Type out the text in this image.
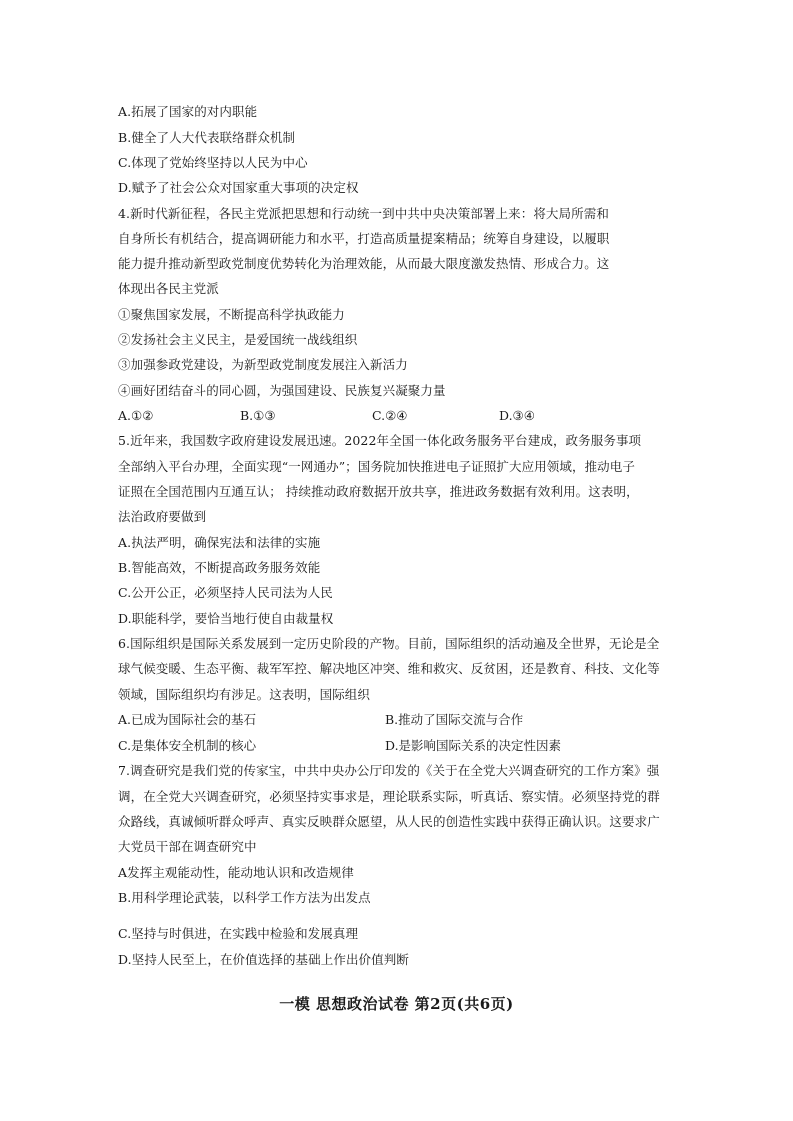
A.拓展了国家的对内职能
B.健全了人大代表联络群众机制
C.体现了党始终坚持以人民为中心
D.赋予了社会公众对国家重大事项的决定权
4.新时代新征程，各民主党派把思想和行动统一到中共中央决策部署上来：将大局所需和
自身所长有机结合，提高调研能力和水平，打造高质量提案精品；统筹自身建设，以履职
能力提升推动新型政党制度优势转化为治理效能，从而最大限度激发热情、形成合力。这
体现出各民主党派
①聚焦国家发展，不断提高科学执政能力
②发扬社会主义民主，是爱国统一战线组织
③加强参政党建设，为新型政党制度发展注入新活力
④画好团结奋斗的同心圆，为强国建设、民族复兴凝聚力量
A.①②	B.①③	C.②④	D.③④
5.近年来，我国数字政府建设发展迅速。2022年全国一体化政务服务平台建成，政务服务事项
全部纳入平台办理，全面实现“一网通办”；国务院加快推进电子证照扩大应用领域，推动电子
证照在全国范围内互通互认； 持续推动政府数据开放共享，推进政务数据有效利用。这表明，
法治政府要做到
A.执法严明，确保宪法和法律的实施
B.智能高效，不断提高政务服务效能
C.公开公正，必须坚持人民司法为人民
D.职能科学，要恰当地行使自由裁量权
6.国际组织是国际关系发展到一定历史阶段的产物。目前，国际组织的活动遍及全世界，无论是全
球气候变暖、生态平衡、裁军军控、解决地区冲突、维和救灾、反贫困，还是教育、科技、文化等
领域，国际组织均有涉足。这表明，国际组织
A.已成为国际社会的基石	B.推动了国际交流与合作
C.是集体安全机制的核心	D.是影响国际关系的决定性因素
7.调查研究是我们党的传家宝，中共中央办公厅印发的《关于在全党大兴调查研究的工作方案》强
调，在全党大兴调查研究，必须坚持实事求是，理论联系实际，听真话、察实情。必须坚持党的群
众路线，真诚倾听群众呼声、真实反映群众愿望，从人民的创造性实践中获得正确认识。这要求广
大党员干部在调查研究中
A发挥主观能动性，能动地认识和改造规律
B.用科学理论武装，以科学工作方法为出发点
C.坚持与时俱进，在实践中检验和发展真理
D.坚持人民至上，在价值选择的基础上作出价值判断
一模 思想政治试卷 第2页(共6页)
